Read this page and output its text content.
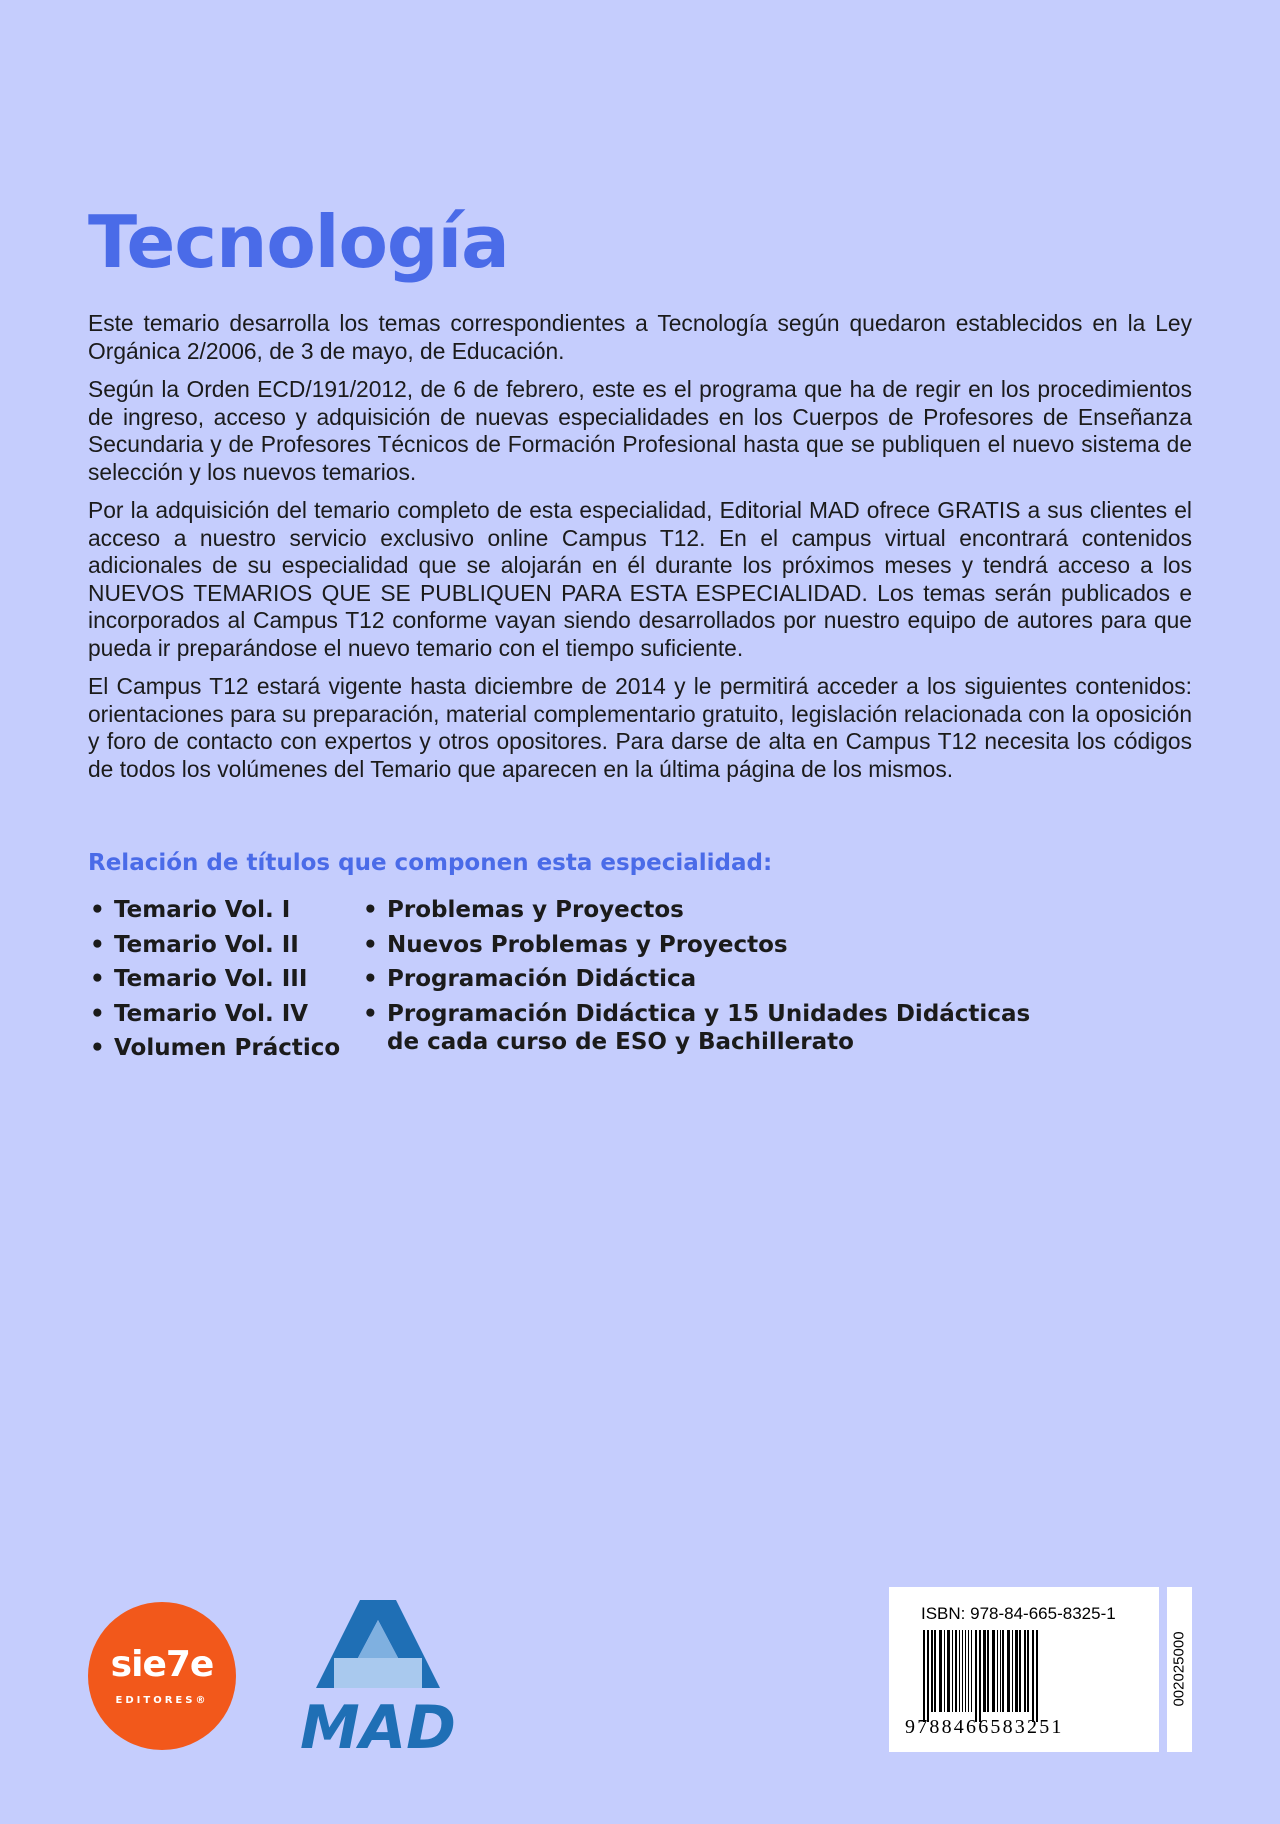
Tecnología

Este temario desarrolla los temas correspondientes a Tecnología según quedaron establecidos en la Ley Orgánica 2/2006, de 3 de mayo, de Educación.

Según la Orden ECD/191/2012, de 6 de febrero, este es el programa que ha de regir en los procedimientos de ingreso, acceso y adquisición de nuevas especialidades en los Cuerpos de Profesores de Enseñanza Secundaria y de Profesores Técnicos de Formación Profesional hasta que se publiquen el nuevo sistema de selección y los nuevos temarios.

Por la adquisición del temario completo de esta especialidad, Editorial MAD ofrece GRATIS a sus clientes el acceso a nuestro servicio exclusivo online Campus T12. En el campus virtual encontrará contenidos adicionales de su especialidad que se alojarán en él durante los próximos meses y tendrá acceso a los NUEVOS TEMARIOS QUE SE PUBLIQUEN PARA ESTA ESPECIALIDAD. Los temas serán publicados e incorporados al Campus T12 conforme vayan siendo desarrollados por nuestro equipo de autores para que pueda ir preparándose el nuevo temario con el tiempo suficiente.

El Campus T12 estará vigente hasta diciembre de 2014 y le permitirá acceder a los siguientes contenidos: orientaciones para su preparación, material complementario gratuito, legislación relacionada con la oposición y foro de contacto con expertos y otros opositores. Para darse de alta en Campus T12 necesita los códigos de todos los volúmenes del Temario que aparecen en la última página de los mismos.

Relación de títulos que componen esta especialidad:
• Temario Vol. I
• Temario Vol. II
• Temario Vol. III
• Temario Vol. IV
• Volumen Práctico
• Problemas y Proyectos
• Nuevos Problemas y Proyectos
• Programación Didáctica
• Programación Didáctica y 15 Unidades Didácticas
de cada curso de ESO y Bachillerato
sie7e
EDITORES®	MAD
ISBN: 978-84-665-8325-1
9788466583251
002025000
